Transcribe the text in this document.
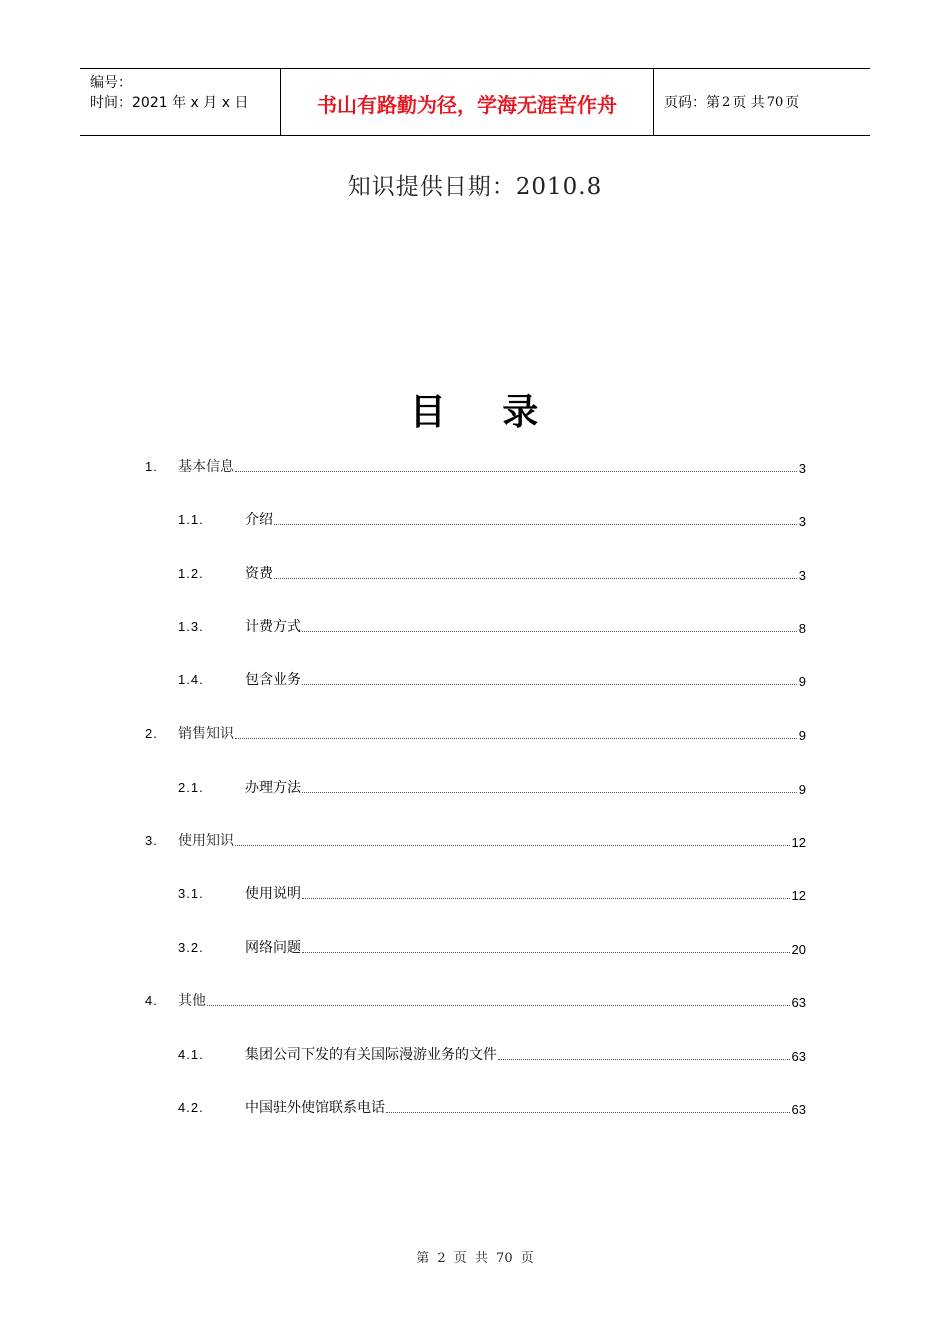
编号：
时间：2021 年 x 月 x 日	书山有路勤为径，学海无涯苦作舟	页码：第 2 页 共 70 页
知识提供日期：2010.8
目 录
1. 基本信息	3
1.1.	介绍	3
1.2.	资费	3
1.3.	计费方式	8
1.4.	包含业务	9
2. 销售知识	9
2.1.	办理方法	9
3. 使用知识	12
3.1.	使用说明	12
3.2.	网络问题	20
4. 其他	63
4.1.	集团公司下发的有关国际漫游业务的文件	63
4.2.	中国驻外使馆联系电话	63
第 2 页 共 70 页
